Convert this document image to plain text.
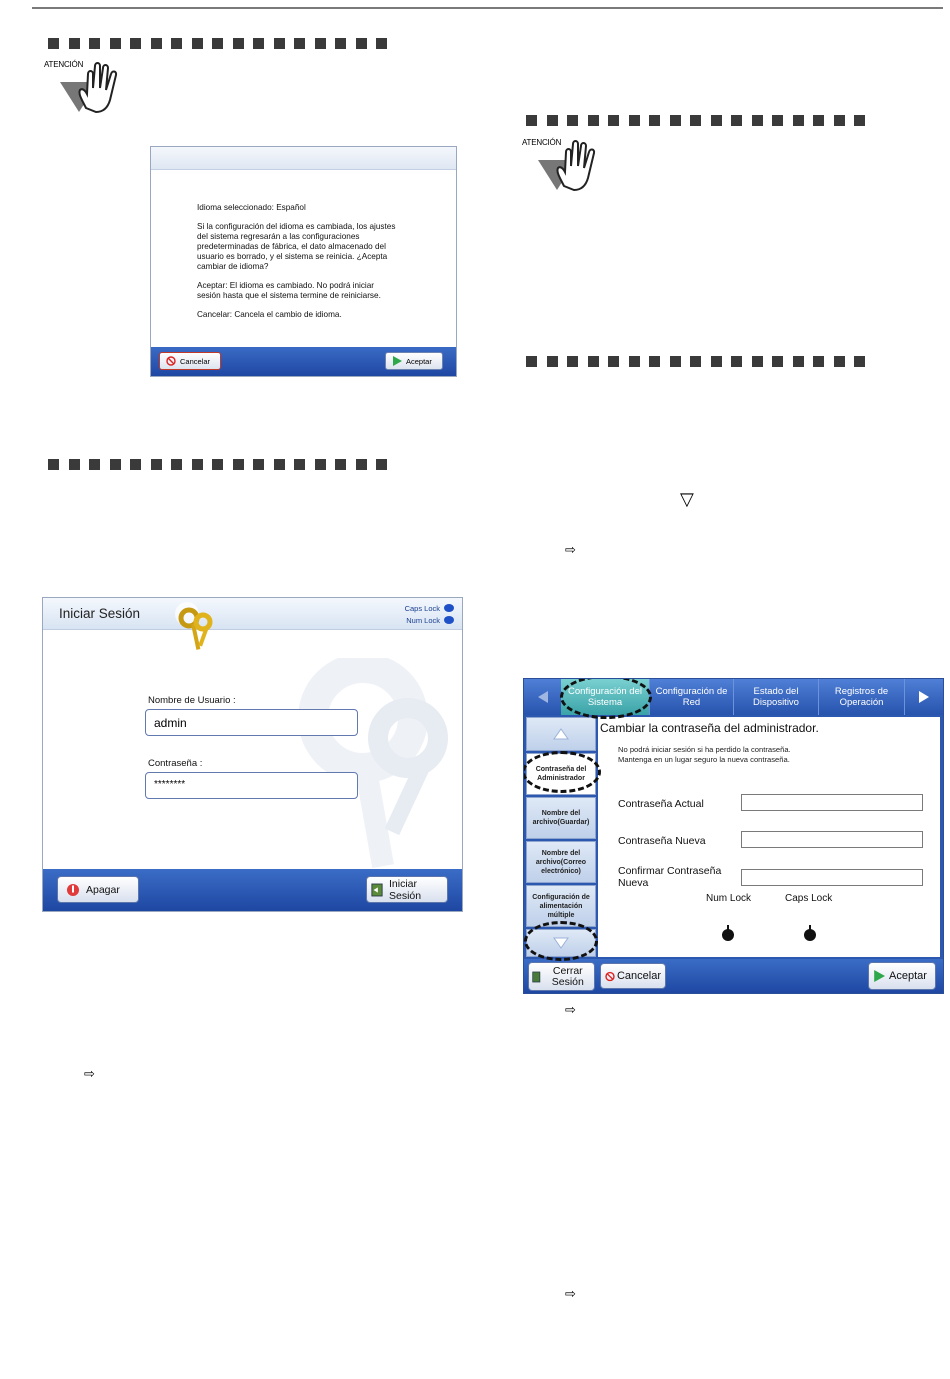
ATENCIÓN

Idioma seleccionado: Español

Si la configuración del idioma es cambiada, los ajustes
del sistema regresarán a las configuraciones
predeterminadas de fábrica, el dato almacenado del
usuario es borrado, y el sistema se reinicia. ¿Acepta
cambiar de idioma?

Aceptar: El idioma es cambiado. No podrá iniciar
sesión hasta que el sistema termine de reiniciarse.

Cancelar: Cancela el cambio de idioma.

Cancelar	Aceptar
Iniciar Sesión	Caps Lock
Num Lock
Nombre de Usuario :
admin
Contraseña :
********
Apagar	Iniciar Sesión
⇨
ATENCIÓN
▽
⇨
Configuración del Sistema
Configuración de Red
Estado del Dispositivo
Registros de Operación
Contraseña del Administrador
Nombre del archivo(Guardar)
Nombre del archivo(Correo electrónico)
Configuración de alimentación múltiple
Cambiar la contraseña del administrador.
No podrá iniciar sesión si ha perdido la contraseña.
Mantenga en un lugar seguro la nueva contraseña.
Contraseña Actual
Contraseña Nueva
Confirmar Contraseña Nueva
Num Lock	Caps Lock
Cerrar Sesión	Cancelar	Aceptar
⇨
⇨
